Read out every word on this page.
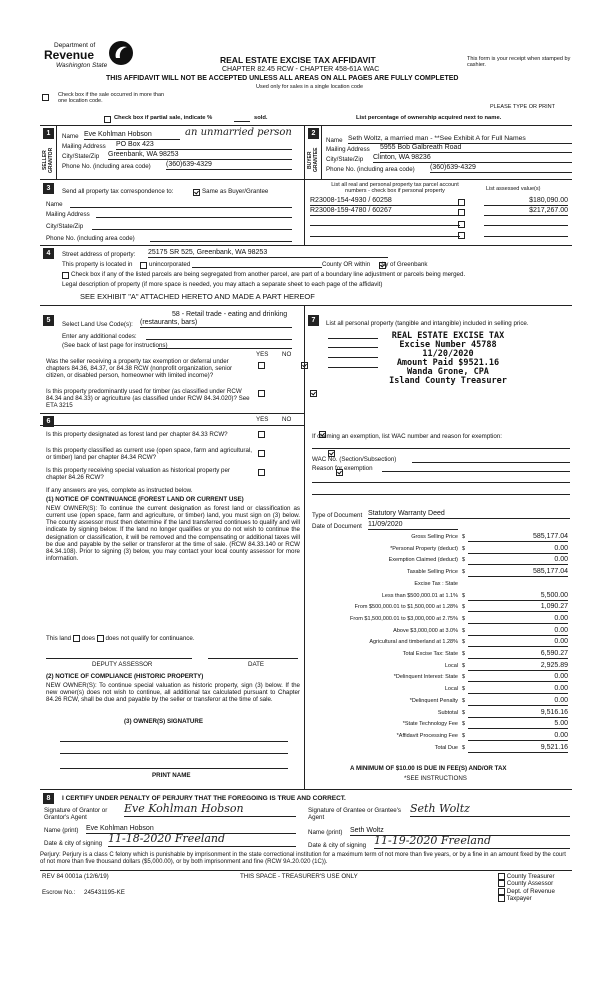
Department of
Revenue
Washington State
REAL ESTATE EXCISE TAX AFFIDAVIT
CHAPTER 82.45 RCW - CHAPTER 458-61A WAC
THIS AFFIDAVIT WILL NOT BE ACCEPTED UNLESS ALL AREAS ON ALL PAGES ARE FULLY COMPLETED
Used only for sales in a single location code
This form is your receipt when stamped by cashier.
Check box if the sale occurred in more than one location code.
PLEASE TYPE OR PRINT
Check box if partial sale, indicate %	sold.	List percentage of ownership acquired next to name.
1
SELLER GRANTOR
Name Eve Kohlman Hobson	an unmarried person
Mailing Address PO Box 423
City/State/Zip Greenbank, WA 98253
Phone No. (including area code) (360)639-4329
2
BUYER GRANTEE
Name Seth Woltz, a married man - **See Exhibit A for Full Names
Mailing Address 5955 Bob Galbreath Road
City/State/Zip Clinton, WA 98236
Phone No. (including area code) (360)639-4329
3	Send all property tax correspondence to:
	Same as Buyer/Grantee
Name
Mailing Address
City/State/Zip
Phone No. (including area code)
List all real and personal property tax parcel account numbers - check box if personal property	List assessed value(s)
R23008-154-4930 / 60258	$180,090.00
R23008-159-4780 / 60267	$217,267.00
4	Street address of property: 25175 SR 525, Greenbank, WA 98253
This property is located in	unincorporated	County OR within
city of Greenbank
Check box if any of the listed parcels are being segregated from another parcel, are part of a boundary line adjustment or parcels being merged.
Legal description of property (if more space is needed, you may attach a separate sheet to each page of the affidavit)
SEE EXHIBIT "A" ATTACHED HERETO AND MADE A PART HEREOF
5
58 - Retail trade - eating and drinking
Select Land Use Code(s): (restaurants, bars)
Enter any additional codes:
(See back of last page for instructions)
YES NO
Was the seller receiving a property tax exemption or deferral under chapters 84.36, 84.37, or 84.38 RCW (nonprofit organization, senior citizen, or disabled person, homeowner with limited income)?

Is this property predominantly used for timber (as classified under RCW 84.34 and 84.33) or agriculture (as classified under RCW 84.34.020)? See ETA 3215

6	YES NO
Is this property designated as forest land per chapter 84.33 RCW?

Is this property classified as current use (open space, farm and agricultural, or timber) land per chapter 84.34 RCW?

Is this property receiving special valuation as historical property per chapter 84.26 RCW?
If any answers are yes, complete as instructed below.
(1) NOTICE OF CONTINUANCE (FOREST LAND OR CURRENT USE)
NEW OWNER(S): To continue the current designation as forest land or classification as current use (open space, farm and agriculture, or timber) land, you must sign on (3) below. The county assessor must then determine if the land transferred continues to qualify and will indicate by signing below. If the land no longer qualifies or you do not wish to continue the designation or classification, it will be removed and the compensating or additional taxes will be due and payable by the seller or transferor at the time of sale. (RCW 84.33.140 or RCW 84.34.108). Prior to signing (3) below, you may contact your local county assessor for more information.
This land does does not qualify for continuance.
DEPUTY ASSESSOR	DATE
(2) NOTICE OF COMPLIANCE (HISTORIC PROPERTY)
NEW OWNER(S): To continue special valuation as historic property, sign (3) below. If the new owner(s) does not wish to continue, all additional tax calculated pursuant to Chapter 84.26 RCW, shall be due and payable by the seller or transferor at the time of sale.
(3) OWNER(S) SIGNATURE
PRINT NAME
7	List all personal property (tangible and intangible) included in selling price.
REAL ESTATE EXCISE TAX
Excise Number 45788
11/20/2020
Amount Paid $9521.16
Wanda Grone, CPA
Island County Treasurer
If claiming an exemption, list WAC number and reason for exemption:
WAC No. (Section/Subsection)
Reason for exemption
Type of Document Statutory Warranty Deed
Date of Document 11/09/2020
Gross Selling Price $	585,177.04
*Personal Property (deduct) $	0.00
Exemption Claimed (deduct) $	0.00
Taxable Selling Price $	585,177.04
Excise Tax : State
Less than $500,000.01 at 1.1% $	5,500.00
From $500,000.01 to $1,500,000 at 1.28% $	1,090.27
From $1,500,000.01 to $3,000,000 at 2.75% $	0.00
Above $3,000,000 at 3.0% $	0.00
Agricultural and timberland at 1.28% $	0.00
Total Excise Tax: State $	6,590.27
Local $	2,925.89
*Delinquent Interest: State $	0.00
Local $	0.00
*Delinquent Penalty $	0.00
Subtotal $	9,516.16
*State Technology Fee $	5.00
*Affidavit Processing Fee $	0.00
Total Due $	9,521.16
A MINIMUM OF $10.00 IS DUE IN FEE(S) AND/OR TAX
*SEE INSTRUCTIONS
8	I CERTIFY UNDER PENALTY OF PERJURY THAT THE FOREGOING IS TRUE AND CORRECT.
Signature of Grantor or Grantor's Agent
Eve Kohlman Hobson
Name (print) Eve Kohlman Hobson
Date & city of signing 11-18-2020 Freeland
Signature of Grantee or Grantee's Agent
Seth Woltz
Name (print) Seth Woltz
Date & city of signing 11-19-2020 Freeland
Perjury: Perjury is a class C felony which is punishable by imprisonment in the state correctional institution for a maximum term of not more than five years, or by a fine in an amount fixed by the court of not more than five thousand dollars ($5,000.00), or by both imprisonment and fine (RCW 9A.20.020 (1C)).
REV 84 0001a (12/6/19)	THIS SPACE - TREASURER'S USE ONLY
Escrow No.: 245431195-KE
County Treasurer
County Assessor
Dept. of Revenue
Taxpayer
